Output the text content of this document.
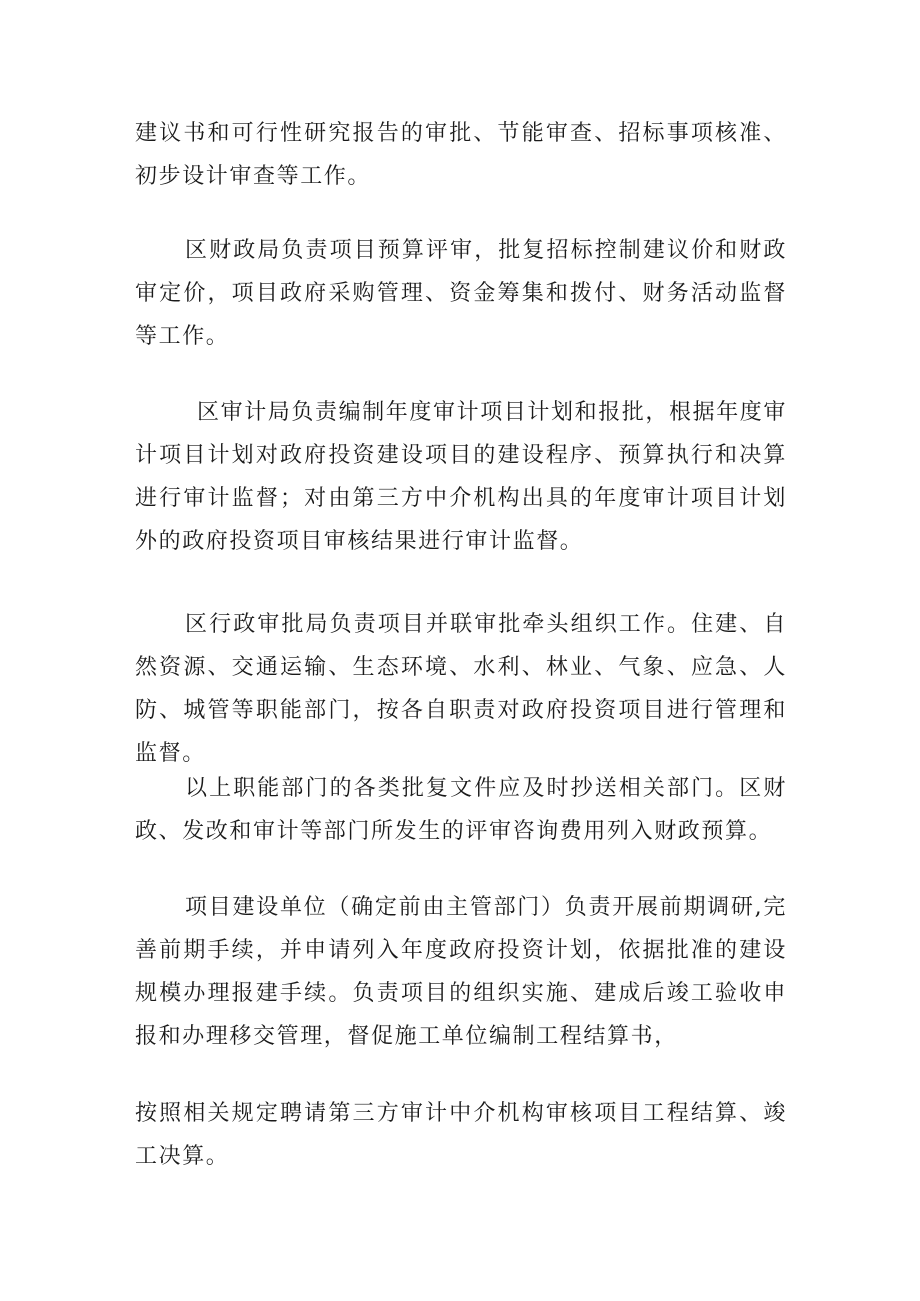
建议书和可行性研究报告的审批、节能审查、招标事项核准、初步设计审查等工作。

区财政局负责项目预算评审，批复招标控制建议价和财政审定价，项目政府采购管理、资金筹集和拨付、财务活动监督等工作。

区审计局负责编制年度审计项目计划和报批，根据年度审计项目计划对政府投资建设项目的建设程序、预算执行和决算进行审计监督；对由第三方中介机构出具的年度审计项目计划外的政府投资项目审核结果进行审计监督。

区行政审批局负责项目并联审批牵头组织工作。住建、自然资源、交通运输、生态环境、水利、林业、气象、应急、人防、城管等职能部门，按各自职责对政府投资项目进行管理和监督。

以上职能部门的各类批复文件应及时抄送相关部门。区财政、发改和审计等部门所发生的评审咨询费用列入财政预算。

项目建设单位（确定前由主管部门）负责开展前期调研,完善前期手续，并申请列入年度政府投资计划，依据批准的建设规模办理报建手续。负责项目的组织实施、建成后竣工验收申报和办理移交管理，督促施工单位编制工程结算书，

按照相关规定聘请第三方审计中介机构审核项目工程结算、竣工决算。
